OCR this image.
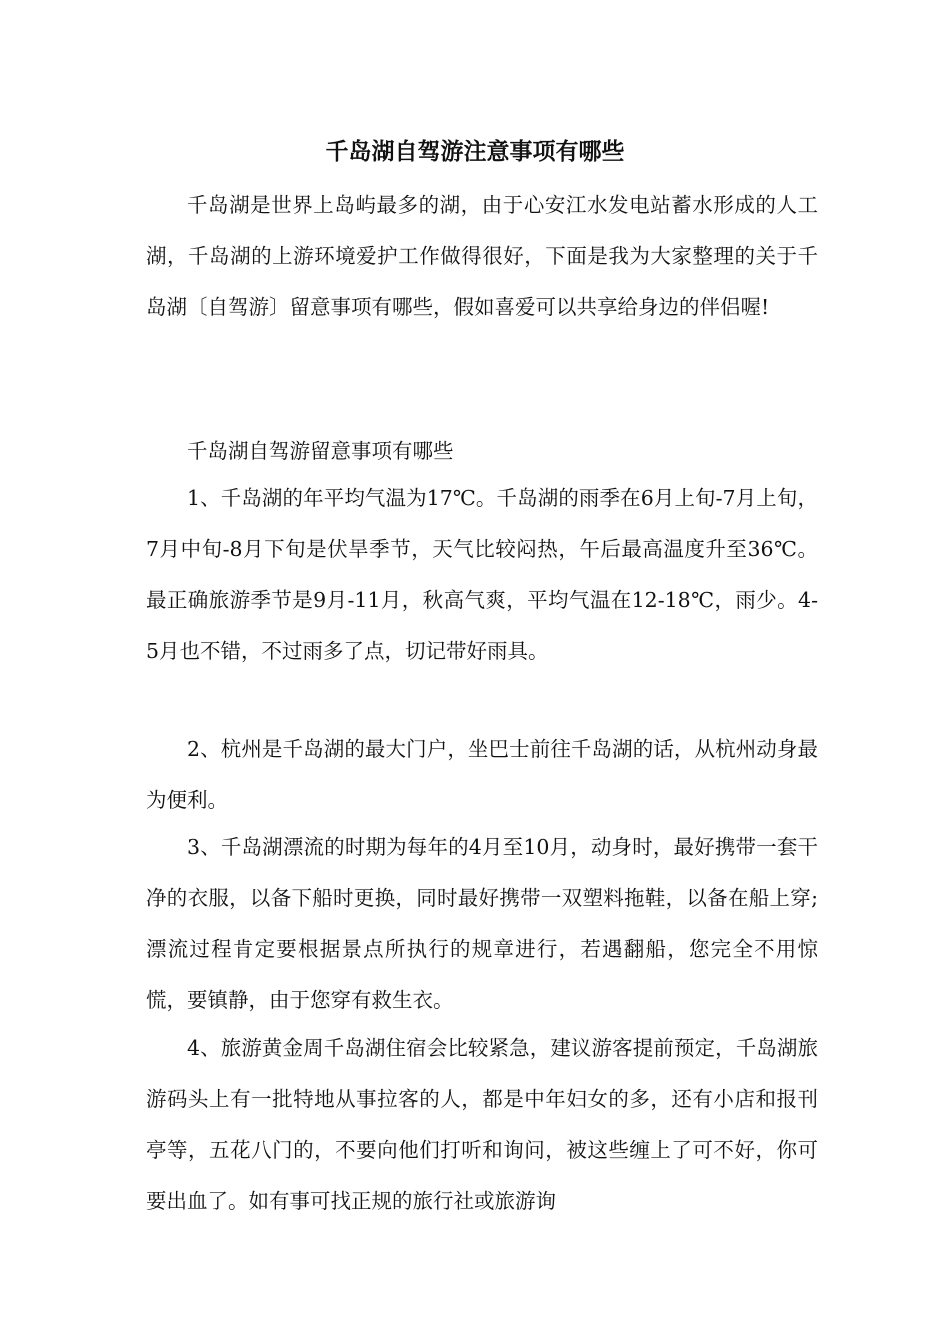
千岛湖自驾游注意事项有哪些

千岛湖是世界上岛屿最多的湖，由于心安江水发电站蓄水形成的人工湖，千岛湖的上游环境爱护工作做得很好，下面是我为大家整理的关于千岛湖〔自驾游〕留意事项有哪些，假如喜爱可以共享给身边的伴侣喔!

千岛湖自驾游留意事项有哪些

1、千岛湖的年平均气温为17℃。千岛湖的雨季在6月上旬-7月上旬，7月中旬-8月下旬是伏旱季节，天气比较闷热，午后最高温度升至36℃。最正确旅游季节是9月-11月，秋高气爽，平均气温在12-18℃，雨少。4-5月也不错，不过雨多了点，切记带好雨具。

2、杭州是千岛湖的最大门户，坐巴士前往千岛湖的话，从杭州动身最为便利。

3、千岛湖漂流的时期为每年的4月至10月，动身时，最好携带一套干净的衣服，以备下船时更换，同时最好携带一双塑料拖鞋，以备在船上穿;漂流过程肯定要根据景点所执行的规章进行，若遇翻船，您完全不用惊慌，要镇静，由于您穿有救生衣。

4、旅游黄金周千岛湖住宿会比较紧急，建议游客提前预定，千岛湖旅游码头上有一批特地从事拉客的人，都是中年妇女的多，还有小店和报刊亭等，五花八门的，不要向他们打听和询问，被这些缠上了可不好，你可要出血了。如有事可找正规的旅行社或旅游询
